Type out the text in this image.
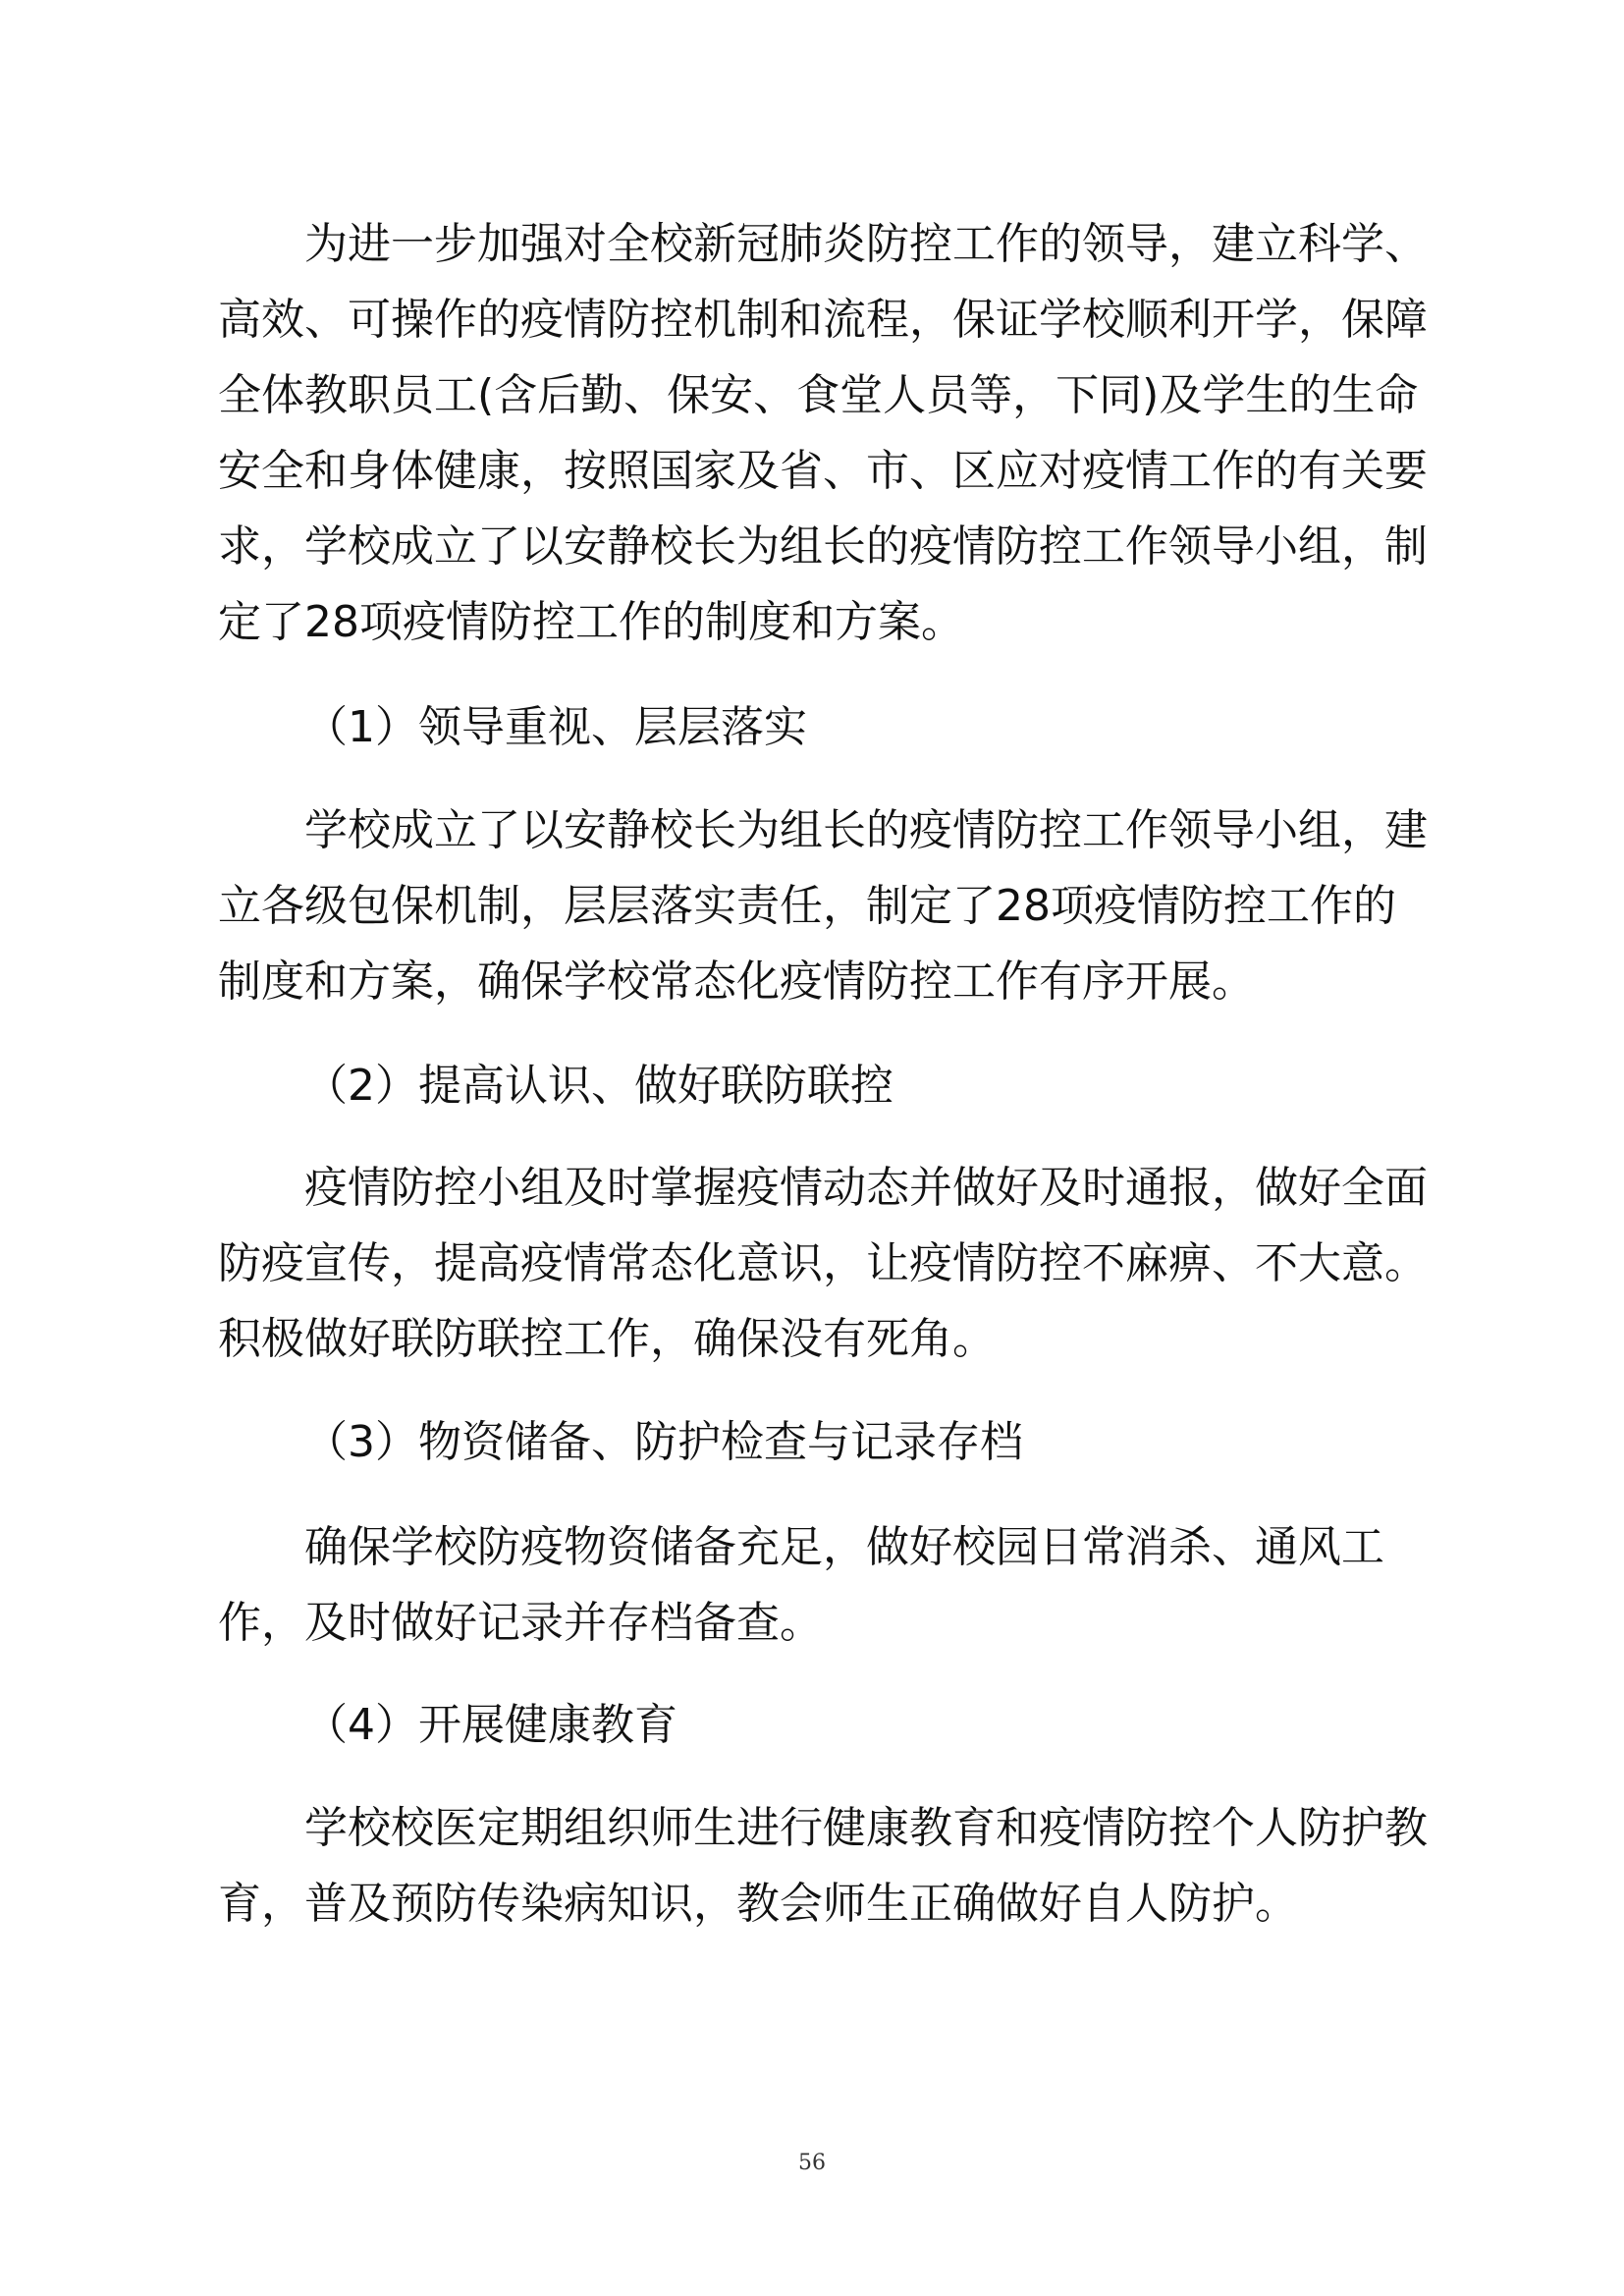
为进一步加强对全校新冠肺炎防控工作的领导，建立科学、高效、可操作的疫情防控机制和流程，保证学校顺利开学，保障全体教职员工(含后勤、保安、食堂人员等，下同)及学生的生命安全和身体健康，按照国家及省、市、区应对疫情工作的有关要求，学校成立了以安静校长为组长的疫情防控工作领导小组，制定了28项疫情防控工作的制度和方案。

（1）领导重视、层层落实

学校成立了以安静校长为组长的疫情防控工作领导小组，建立各级包保机制，层层落实责任，制定了28项疫情防控工作的制度和方案，确保学校常态化疫情防控工作有序开展。

（2）提高认识、做好联防联控

疫情防控小组及时掌握疫情动态并做好及时通报，做好全面防疫宣传，提高疫情常态化意识，让疫情防控不麻痹、不大意。积极做好联防联控工作，确保没有死角。

（3）物资储备、防护检查与记录存档

确保学校防疫物资储备充足，做好校园日常消杀、通风工作，及时做好记录并存档备查。

（4）开展健康教育

学校校医定期组织师生进行健康教育和疫情防控个人防护教育，普及预防传染病知识，教会师生正确做好自人防护。

56
